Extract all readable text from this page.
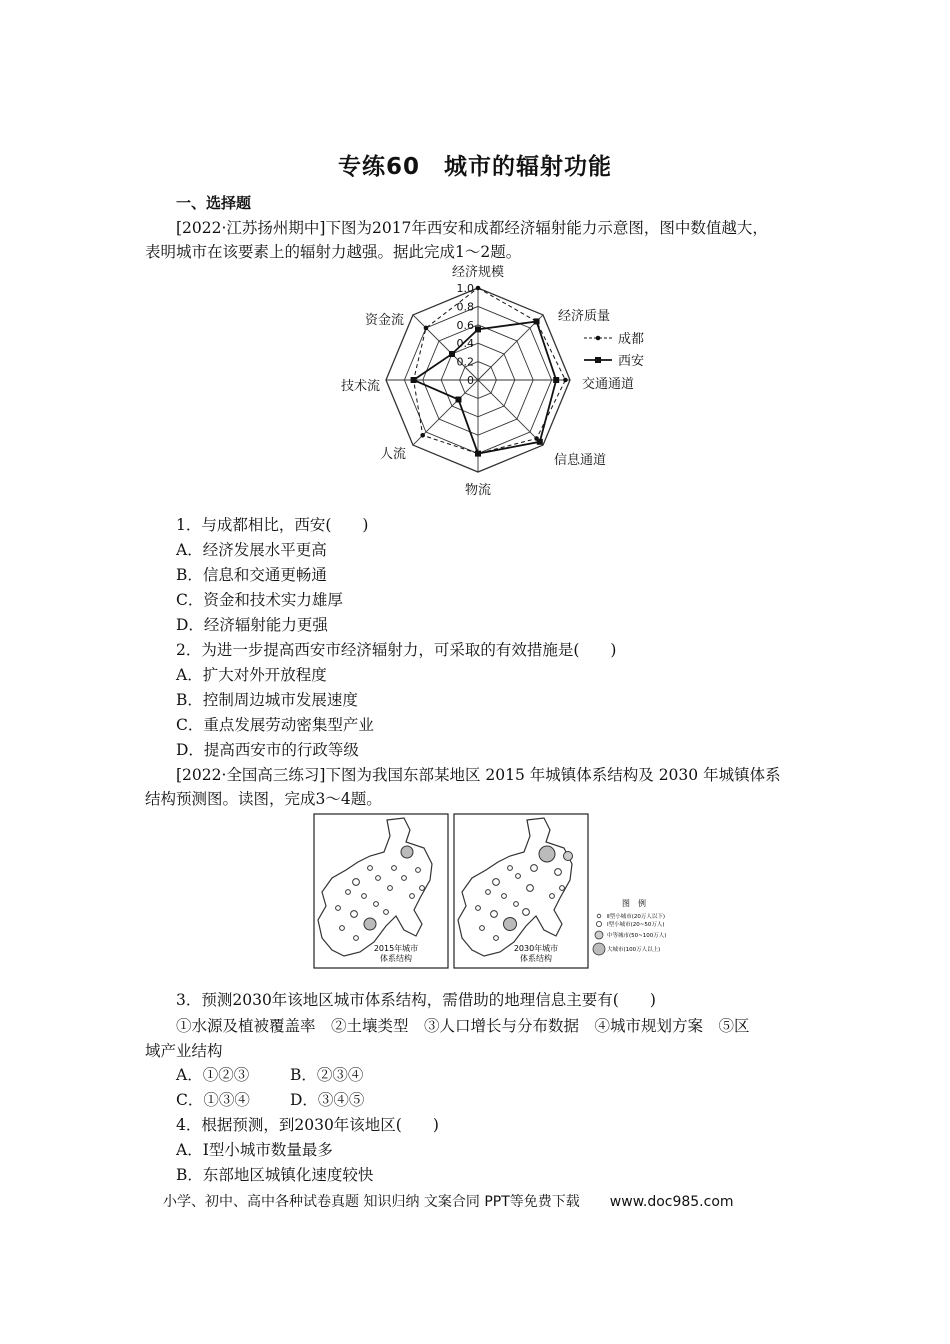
专练60　城市的辐射功能
一、选择题
[2022·江苏扬州期中]下图为2017年西安和成都经济辐射能力示意图，图中数值越大，
表明城市在该要素上的辐射力越强。据此完成1～2题。
1.0
0.8
0.6
0.4
0.2
0
经济规模
经济质量
交通通道
信息通道
物流
人流
技术流
资金流
成都
西安
1．与成都相比，西安(　　)
A．经济发展水平更高
B．信息和交通更畅通
C．资金和技术实力雄厚
D．经济辐射能力更强
2．为进一步提高西安市经济辐射力，可采取的有效措施是(　　)
A．扩大对外开放程度
B．控制周边城市发展速度
C．重点发展劳动密集型产业
D．提高西安市的行政等级
[2022·全国高三练习]下图为我国东部某地区 2015 年城镇体系结构及 2030 年城镇体系
结构预测图。读图，完成3～4题。
2015年城市
体系结构
2030年城市
体系结构
图　例
Ⅱ型小城市(20万人以下)
Ⅰ型小城市(20~50万人)
中等城市(50~100万人)
大城市(100万人以上)
3．预测2030年该地区城市体系结构，需借助的地理信息主要有(　　)
①水源及植被覆盖率　②土壤类型　③人口增长与分布数据　④城市规划方案　⑤区
域产业结构
A．①②③	B．②③④
C．①③④	D．③④⑤
4．根据预测，到2030年该地区(　　)
A．Ⅰ型小城市数量最多
B．东部地区城镇化速度较快
小学、初中、高中各种试卷真题 知识归纳 文案合同 PPT等免费下载 www.doc985.com
